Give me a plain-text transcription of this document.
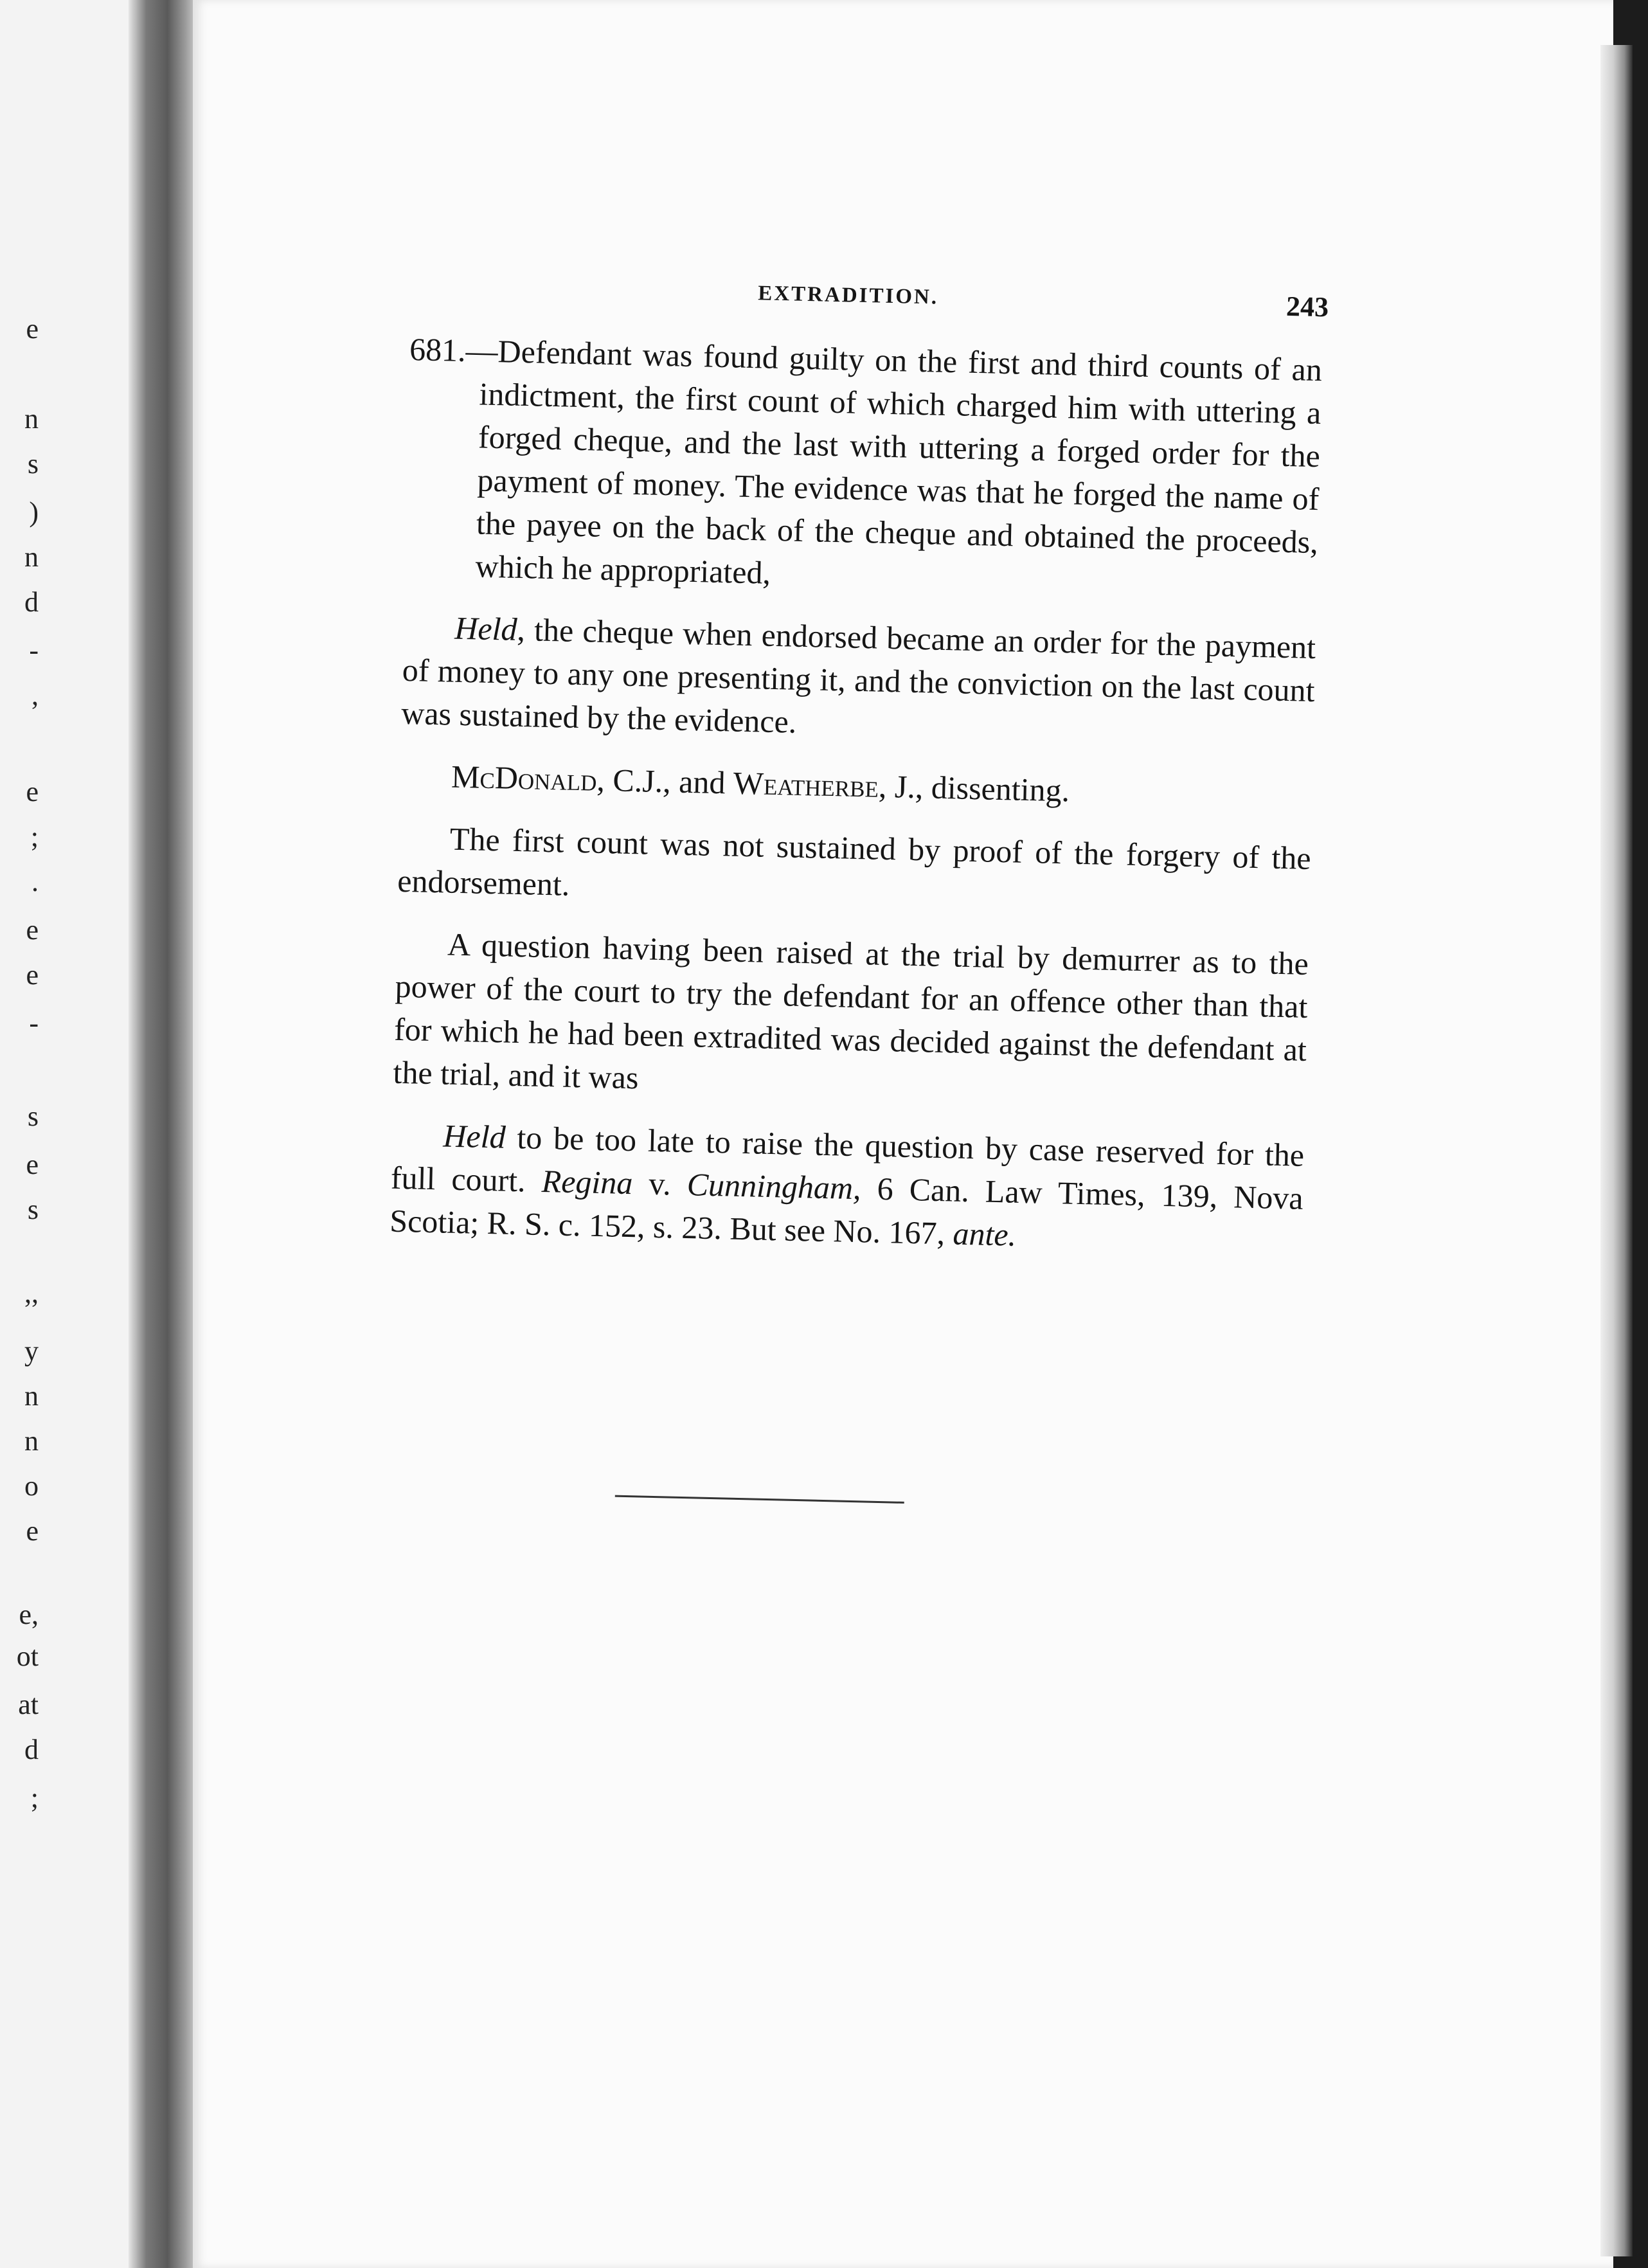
e
n
s
)
n
d
-
,
e
;
.
e
e
-
s
e
s
,,
y
n
n
o
e
e,
ot
at
d
;
EXTRADITION.	243

681.—Defendant was found guilty on the first and third counts of an indictment, the first count of which charged him with uttering a forged cheque, and the last with uttering a forged order for the payment of money. The evidence was that he forged the name of the payee on the back of the cheque and obtained the proceeds, which he appropriated,

Held, the cheque when endorsed became an order for the payment of money to any one presenting it, and the conviction on the last count was sustained by the evidence.

McDonald, C.J., and Weatherbe, J., dissenting.

The first count was not sustained by proof of the forgery of the endorsement.

A question having been raised at the trial by demurrer as to the power of the court to try the defendant for an offence other than that for which he had been extradited was decided against the defendant at the trial, and it was

Held to be too late to raise the question by case reserved for the full court. Regina v. Cunningham, 6 Can. Law Times, 139, Nova Scotia; R. S. c. 152, s. 23. But see No. 167, ante.
